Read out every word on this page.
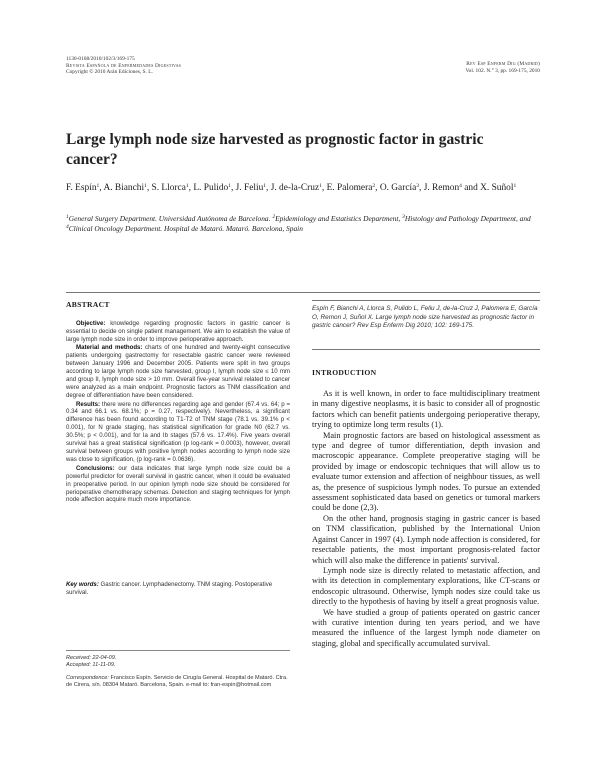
1130-0108/2010/102/3/169-175
Revista Española de Enfermedades Digestivas
Copyright © 2010 Arán Ediciones, S. L.
Rev Esp Enferm Dig (Madrid)
Vol. 102. N.° 3, pp. 169-175, 2010
Large lymph node size harvested as prognostic factor in gastric cancer?
F. Espín$^1$, A. Bianchi$^1$, S. Llorca$^1$, L. Pulido$^1$, J. Feliu$^1$, J. de-la-Cruz$^1$, E. Palomera$^2$, O. García$^3$, J. Remon$^4$ and X. Suñol$^1$
$^1$General Surgery Department. Universidad Autónoma de Barcelona. $^2$Epidemiology and Estatistics Department, $^3$Histology and Pathology Department, and $^4$Clinical Oncology Department. Hospital de Mataró. Mataró. Barcelona, Spain
ABSTRACT

Objective: knowledge regarding prognostic factors in gastric cancer is essential to decide on single patient management. We aim to establish the value of large lymph node size in order to improve perioperative approach.

Material and methods: charts of one hundred and twenty-eight consecutive patients undergoing gastrectomy for resectable gastric cancer were reviewed between January 1996 and December 2005. Patients were split in two groups according to large lymph node size harvested, group I, lymph node size ≤ 10 mm and group II, lymph node size > 10 mm. Overall five-year survival related to cancer were analyzed as a main endpoint. Prognostic factors as TNM classification and degree of differentiation have been considered.

Results: there were no differences regarding age and gender (67.4 vs. 64; p = 0.34 and 66.1 vs. 68.1%; p = 0.27, respectively). Nevertheless, a significant difference has been found according to T1-T2 of TNM stage (78.1 vs. 39.1% p < 0.001), for N grade staging, has statistical signification for grade N0 (62.7 vs. 30.5%; p < 0.001), and for Ia and Ib stages (57.6 vs. 17.4%). Five years overall survival has a great statistical signification (p log-rank = 0.0003), however, overall survival between groups with positive lymph nodes according to lymph node size was close to signification, (p log-rank = 0.0636).

Conclusions: our data indicates that large lymph node size could be a powerful predictor for overall survival in gastric cancer, when it could be evaluated in preoperative period. In our opinion lymph node size should be considered for perioperative chemotherapy schemas. Detection and staging techniques for lymph node affection acquire much more importance.

Key words: Gastric cancer. Lymphadenectomy. TNM staging. Postoperative survival.
Received: 22-04-09.
Accepted: 11-11-09.
Correspondence: Francisco Espín. Servicio de Cirugía General. Hospital de Mataró. Ctra. de Cirera, s/n. 08304 Mataró. Barcelona, Spain. e-mail to: fran-espin@hotmail.com
Espín F, Bianchi A, Llorca S, Pulido L, Feliu J, de-la-Cruz J, Palomera E, García O, Remon J, Suñol X. Large lymph node size harvested as prognostic factor in gastric cancer? Rev Esp Enferm Dig 2010; 102: 169-175.
INTRODUCTION

As it is well known, in order to face multidisciplinary treatment in many digestive neoplasms, it is basic to consider all of prognostic factors which can benefit patients undergoing perioperative therapy, trying to optimize long term results (1).

Main prognostic factors are based on histological assessment as type and degree of tumor differentiation, depth invasion and macroscopic appearance. Complete preoperative staging will be provided by image or endoscopic techniques that will allow us to evaluate tumor extension and affection of neighbour tissues, as well as, the presence of suspicious lymph nodes. To pursue an extended assessment sophisticated data based on genetics or tumoral markers could be done (2,3).

On the other hand, prognosis staging in gastric cancer is based on TNM classification, published by the International Union Against Cancer in 1997 (4). Lymph node affection is considered, for resectable patients, the most important prognosis-related factor which will also make the difference in patients' survival.

Lymph node size is directly related to metastatic affection, and with its detection in complementary explorations, like CT-scans or endoscopic ultrasound. Otherwise, lymph nodes size could take us directly to the hypothesis of having by itself a great prognosis value.

We have studied a group of patients operated on gastric cancer with curative intention during ten years period, and we have measured the influence of the largest lymph node diameter on staging, global and specifically accumulated survival.
